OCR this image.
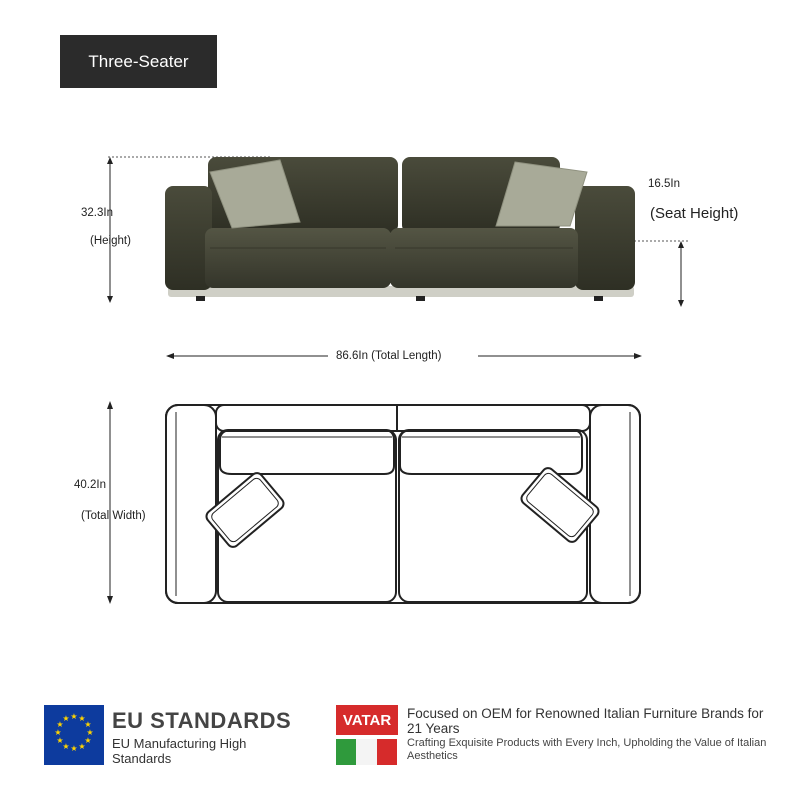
Three-Seater
32.3In
(Height)
16.5In
(Seat Height)
86.6In (Total Length)
40.2In
(Total Width)
★ ★
★
★
★
★
★
★
★
★
★
★ EU STANDARDS
EU Manufacturing High Standards
VATAR	Focused on OEM for Renowned Italian Furniture Brands for 21 Years
Crafting Exquisite Products with Every Inch, Upholding the Value of Italian Aesthetics
